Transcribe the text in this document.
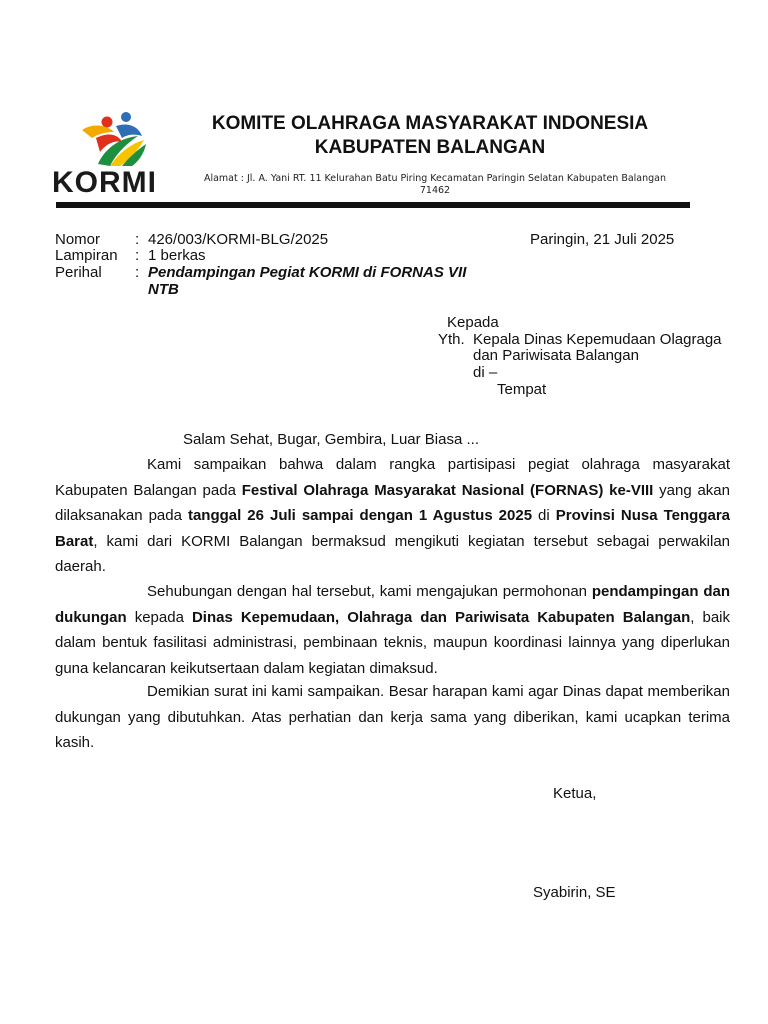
KORMI
KOMITE OLAHRAGA MASYARAKAT INDONESIA
KABUPATEN BALANGAN
Alamat : Jl. A. Yani RT. 11 Kelurahan Batu Piring Kecamatan Paringin Selatan Kabupaten Balangan 71462
Nomor : 426/003/KORMI-BLG/2025
Lampiran : 1 berkas
Perihal : Pendampingan Pegiat KORMI di FORNAS VII
NTB
Paringin, 21 Juli 2025
Kepada
Yth. Kepala Dinas Kepemudaan Olagraga
dan Pariwisata Balangan
di –
Tempat
Salam Sehat, Bugar, Gembira, Luar Biasa ...
Kami sampaikan bahwa dalam rangka partisipasi pegiat olahraga masyarakat Kabupaten Balangan pada Festival Olahraga Masyarakat Nasional (FORNAS) ke-VIII yang akan dilaksanakan pada tanggal 26 Juli sampai dengan 1 Agustus 2025 di Provinsi Nusa Tenggara Barat, kami dari KORMI Balangan bermaksud mengikuti kegiatan tersebut sebagai perwakilan daerah.
Sehubungan dengan hal tersebut, kami mengajukan permohonan pendampingan dan dukungan kepada Dinas Kepemudaan, Olahraga dan Pariwisata Kabupaten Balangan, baik dalam bentuk fasilitasi administrasi, pembinaan teknis, maupun koordinasi lainnya yang diperlukan guna kelancaran keikutsertaan dalam kegiatan dimaksud.
Demikian surat ini kami sampaikan. Besar harapan kami agar Dinas dapat memberikan dukungan yang dibutuhkan. Atas perhatian dan kerja sama yang diberikan, kami ucapkan terima kasih.
Ketua,
Syabirin, SE
